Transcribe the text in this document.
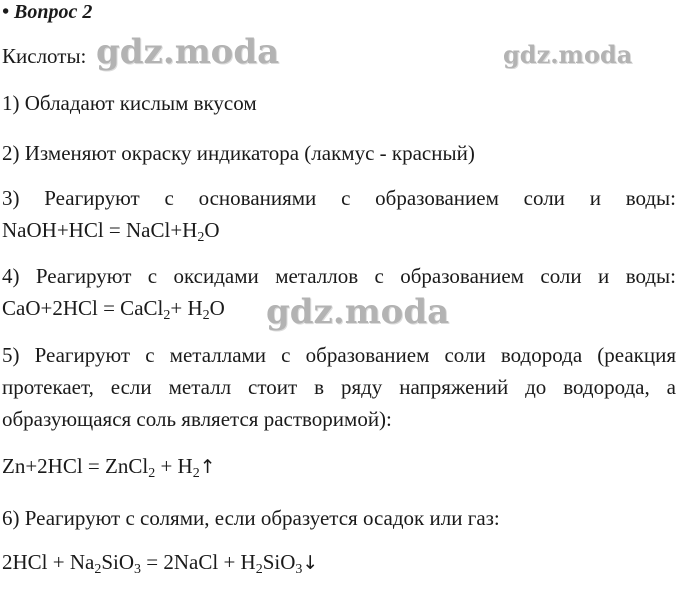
• Вопрос 2
Кислоты: gdz.moda	gdz.moda
1) Обладают кислым вкусом
2) Изменяют окраску индикатора (лакмус - красный)
3) Реагируют с основаниями с образованием соли и воды:
NaOH+HCl = $NaCl+H_2O$
4) Реагируют с оксидами металлов с образованием соли и воды:
CaO+2HCl = CaCl$_2$+ $H_2O$ gdz.moda
5) Реагируют с металлами с образованием соли водорода (реакция
протекает, если металл стоит в ряду напряжений до водорода, а
образующаяся соль является растворимой):
Zn+2HCl = ZnCl$_2$ + $H_2↑$
6) Реагируют с солями, если образуется осадок или газ:
$2HCl + Na_2SiO_3$ = 2NaCl + $H_2SiO_3↓$
